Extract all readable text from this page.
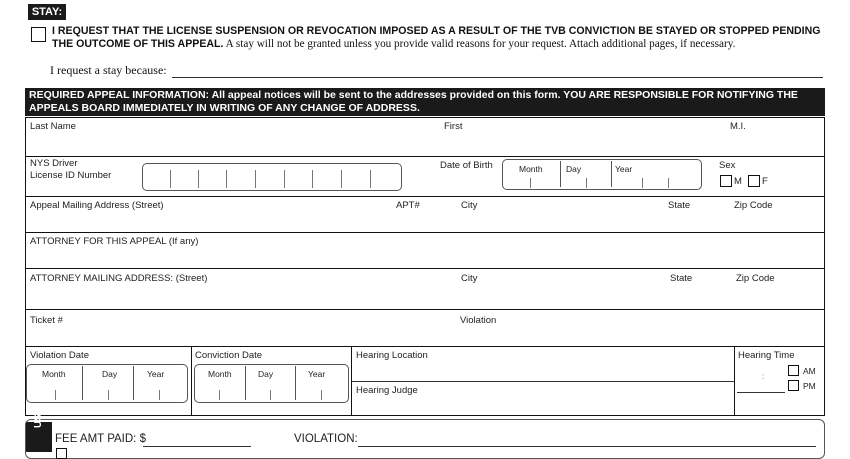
STAY:
I REQUEST THAT THE LICENSE SUSPENSION OR REVOCATION IMPOSED AS A RESULT OF THE TVB CONVICTION BE STAYED OR STOPPED PENDING THE OUTCOME OF THIS APPEAL. A stay will not be granted unless you provide valid reasons for your request. Attach additional pages, if necessary.
I request a stay because:
REQUIRED APPEAL INFORMATION: All appeal notices will be sent to the addresses provided on this form. YOU ARE RESPONSIBLE FOR NOTIFYING THE APPEALS BOARD IMMEDIATELY IN WRITING OF ANY CHANGE OF ADDRESS.
Last Name	First	M.I.
NYS Driver
License ID Number
Date of Birth	Month	Day	Year	Sex
M F
Appeal Mailing Address (Street)	APT#	City	State	Zip Code
ATTORNEY FOR THIS APPEAL (If any)
ATTORNEY MAILING ADDRESS: (Street)	City	State	Zip Code
Ticket #	Violation
Violation Date
Month	Day	Year
Conviction Date
Month	Day	Year
Hearing Location
Hearing Judge
Hearing Time
:	AM
PM
USE:
FEE AMT PAID: $	VIOLATION:
